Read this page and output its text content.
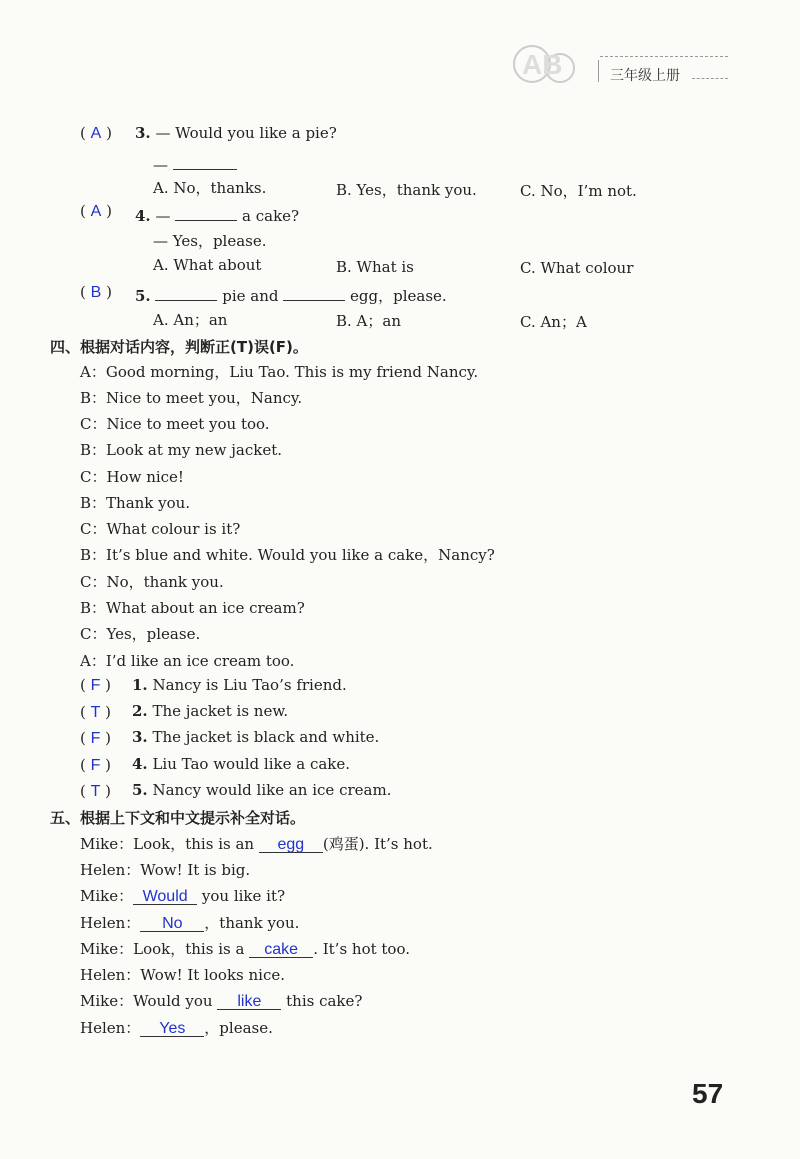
AB	三年级上册
( A ) 3. — Would you like a pie?
—
A. No，thanks.	B. Yes，thank you.	C. No，I’m not.
( A ) 4. —	a cake?
— Yes，please.
A. What about	B. What is	C. What colour
( B ) 5.	pie and	egg，please.
A. An；an	B. A；an	C. An；A
四、根据对话内容，判断正(T)误(F)。
A：Good morning，Liu Tao. This is my friend Nancy.
B：Nice to meet you，Nancy.
C：Nice to meet you too.
B：Look at my new jacket.
C：How nice!
B：Thank you.
C：What colour is it?
B：It’s blue and white. Would you like a cake，Nancy?
C：No，thank you.
B：What about an ice cream?
C：Yes，please.
A：I’d like an ice cream too.
( F ) 1. Nancy is Liu Tao’s friend.
( T ) 2. The jacket is new.
( F ) 3. The jacket is black and white.
( F ) 4. Liu Tao would like a cake.
( T ) 5. Nancy would like an ice cream.
五、根据上下文和中文提示补全对话。
Mike：Look，this is an egg (鸡蛋). It’s hot.
Helen：Wow! It is big.
Mike： Would you like it?
Helen： No ，thank you.
Mike：Look，this is a cake . It’s hot too.
Helen：Wow! It looks nice.
Mike：Would you like this cake?
Helen： Yes ，please.
57
